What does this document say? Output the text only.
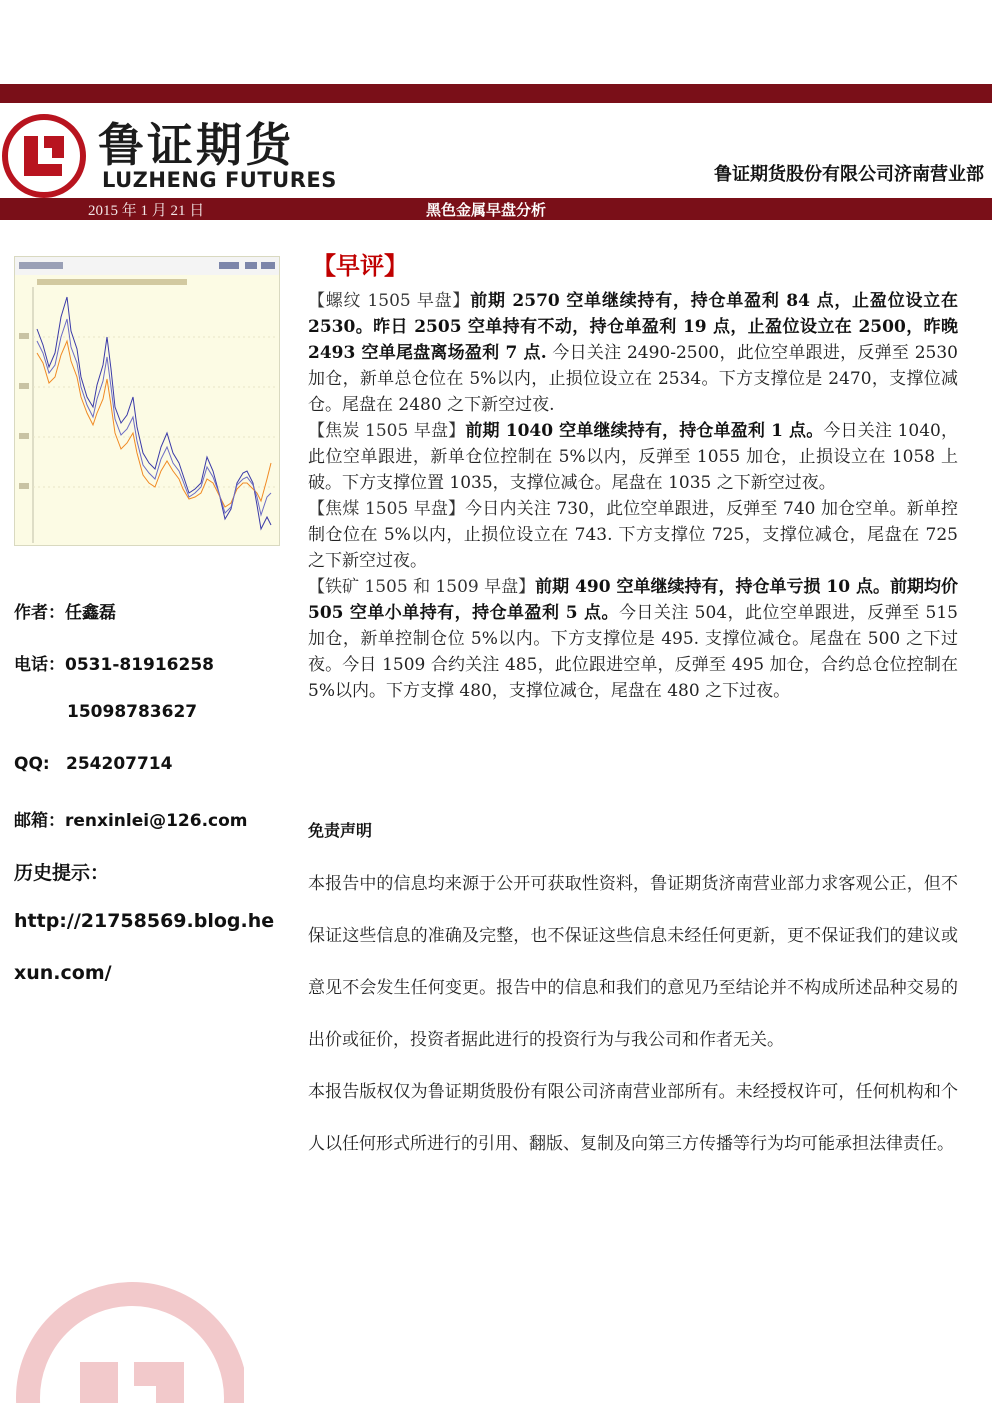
鲁证期货
LUZHENG FUTURES	鲁证期货股份有限公司济南营业部
2015 年 1 月 21 日	黑色金属早盘分析
作者：任鑫磊
电话：0531-81916258
15098783627
QQ: 254207714
邮箱：renxinlei@126.com
历史提示：
http://21758569.blog.he
xun.com/
【早评】

【螺纹 1505 早盘】前期 2570 空单继续持有，持仓单盈利 84 点，止盈位设立在 2530。昨日 2505 空单持有不动，持仓单盈利 19 点，止盈位设立在 2500，昨晚 2493 空单尾盘离场盈利 7 点. 今日关注 2490-2500，此位空单跟进，反弹至 2530 加仓，新单总仓位在 5%以内，止损位设立在 2534。下方支撑位是 2470，支撑位减仓。尾盘在 2480 之下新空过夜.

【焦炭 1505 早盘】前期 1040 空单继续持有，持仓单盈利 1 点。今日关注 1040，此位空单跟进，新单仓位控制在 5%以内，反弹至 1055 加仓，止损设立在 1058 上破。下方支撑位置 1035，支撑位减仓。尾盘在 1035 之下新空过夜。

【焦煤 1505 早盘】今日内关注 730，此位空单跟进，反弹至 740 加仓空单。新单控制仓位在 5%以内，止损位设立在 743. 下方支撑位 725，支撑位减仓，尾盘在 725 之下新空过夜。

【铁矿 1505 和 1509 早盘】前期 490 空单继续持有，持仓单亏损 10 点。前期均价 505 空单小单持有，持仓单盈利 5 点。今日关注 504，此位空单跟进，反弹至 515 加仓，新单控制仓位 5%以内。下方支撑位是 495. 支撑位减仓。尾盘在 500 之下过夜。今日 1509 合约关注 485，此位跟进空单，反弹至 495 加仓，合约总仓位控制在 5%以内。下方支撑 480，支撑位减仓，尾盘在 480 之下过夜。

免责声明

本报告中的信息均来源于公开可获取性资料，鲁证期货济南营业部力求客观公正，但不保证这些信息的准确及完整，也不保证这些信息未经任何更新，更不保证我们的建议或意见不会发生任何变更。报告中的信息和我们的意见乃至结论并不构成所述品种交易的出价或征价，投资者据此进行的投资行为与我公司和作者无关。

本报告版权仅为鲁证期货股份有限公司济南营业部所有。未经授权许可，任何机构和个人以任何形式所进行的引用、翻版、复制及向第三方传播等行为均可能承担法律责任。
